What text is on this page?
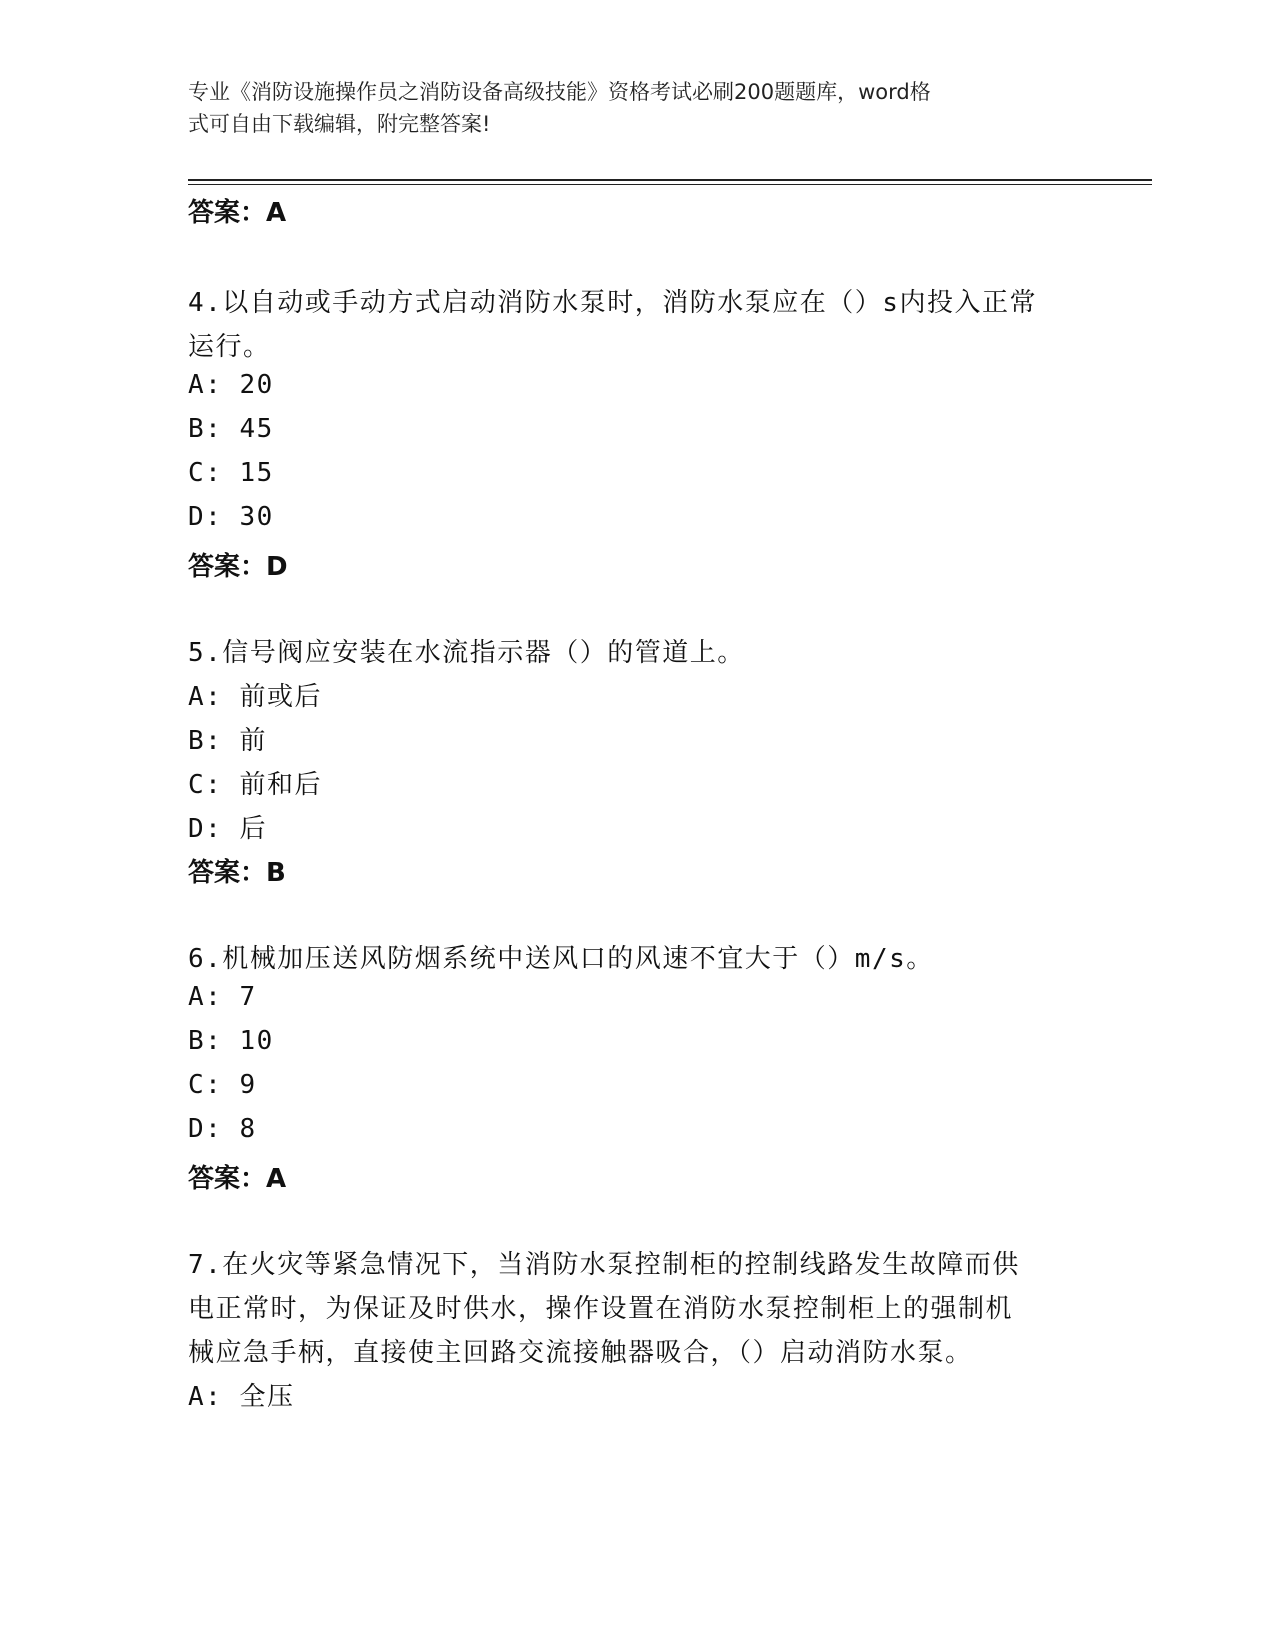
专业《消防设施操作员之消防设备高级技能》资格考试必刷200题题库，word格
式可自由下载编辑，附完整答案!
答案：A
4.以自动或手动方式启动消防水泵时，消防水泵应在（）s内投入正常
运行。
A: 20
B: 45
C: 15
D: 30
答案：D
5.信号阀应安装在水流指示器（）的管道上。
A: 前或后
B: 前
C: 前和后
D: 后
答案：B
6.机械加压送风防烟系统中送风口的风速不宜大于（）m/s。
A: 7
B: 10
C: 9
D: 8
答案：A
7.在火灾等紧急情况下，当消防水泵控制柜的控制线路发生故障而供
电正常时，为保证及时供水，操作设置在消防水泵控制柜上的强制机
械应急手柄，直接使主回路交流接触器吸合，（）启动消防水泵。
A: 全压
